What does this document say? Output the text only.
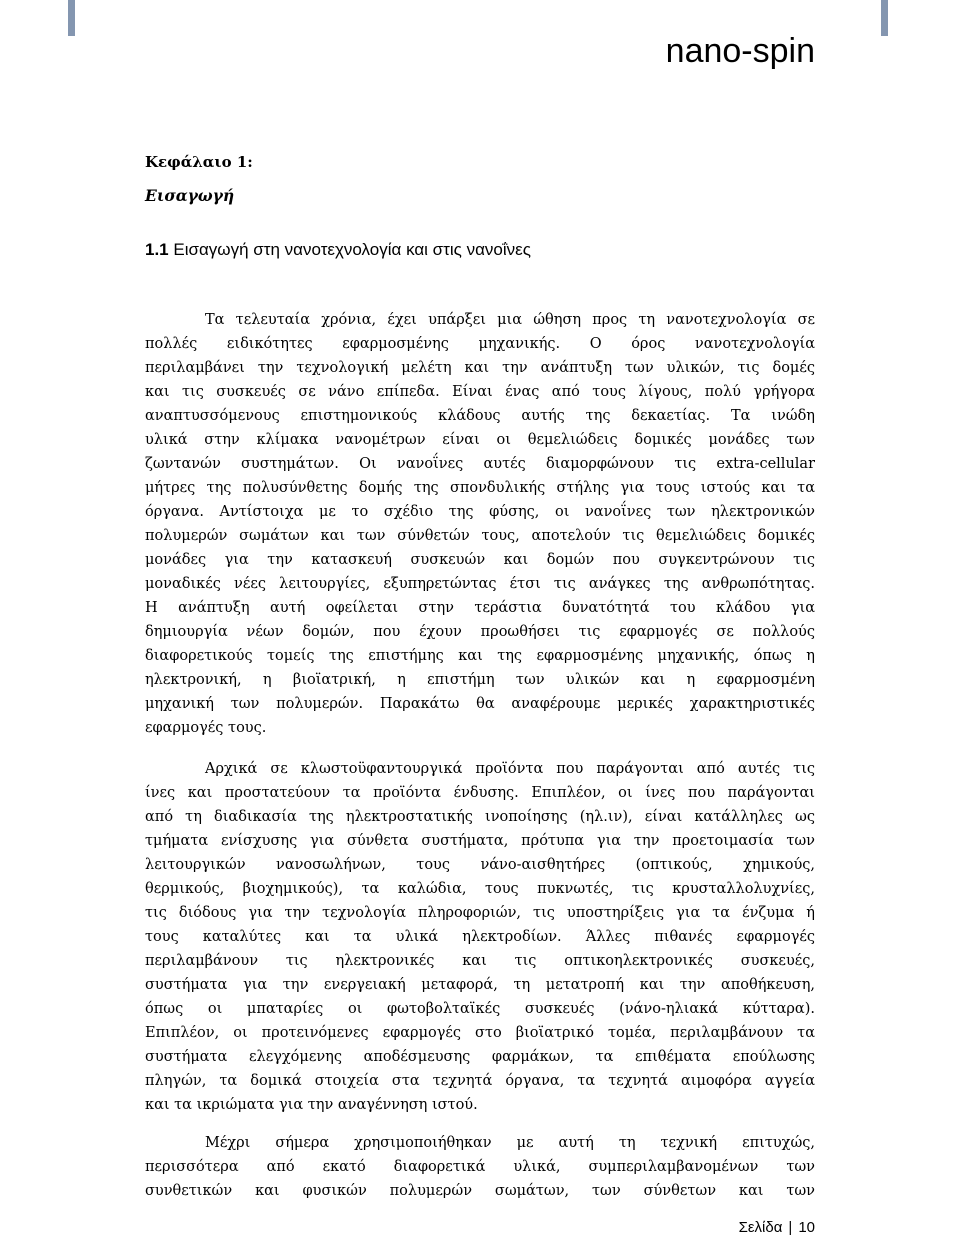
nano-spin
Κεφάλαιο 1:
Εισαγωγή
1.1 Εισαγωγή στη νανοτεχνολογία και στις νανοΐνες
Τα τελευταία χρόνια, έχει υπάρξει μια ώθηση προς τη νανοτεχνολογία σε
πολλές ειδικότητες εφαρμοσμένης μηχανικής. Ο όρος νανοτεχνολογία
περιλαμβάνει την τεχνολογική μελέτη και την ανάπτυξη των υλικών, τις δομές
και τις συσκευές σε νάνο επίπεδα. Είναι ένας από τους λίγους, πολύ γρήγορα
αναπτυσσόμενους επιστημονικούς κλάδους αυτής της δεκαετίας. Τα ινώδη
υλικά στην κλίμακα νανομέτρων είναι οι θεμελιώδεις δομικές μονάδες των
ζωντανών συστημάτων. Οι νανοΐνες αυτές διαμορφώνουν τις extra-cellular
μήτρες της πολυσύνθετης δομής της σπονδυλικής στήλης για τους ιστούς και τα
όργανα. Αντίστοιχα με το σχέδιο της φύσης, οι νανοΐνες των ηλεκτρονικών
πολυμερών σωμάτων και των σύνθετών τους, αποτελούν τις θεμελιώδεις δομικές
μονάδες για την κατασκευή συσκευών και δομών που συγκεντρώνουν τις
μοναδικές νέες λειτουργίες, εξυπηρετώντας έτσι τις ανάγκες της ανθρωπότητας.
Η ανάπτυξη αυτή οφείλεται στην τεράστια δυνατότητά του κλάδου για
δημιουργία νέων δομών, που έχουν προωθήσει τις εφαρμογές σε πολλούς
διαφορετικούς τομείς της επιστήμης και της εφαρμοσμένης μηχανικής, όπως η
ηλεκτρονική, η βιοϊατρική, η επιστήμη των υλικών και η εφαρμοσμένη
μηχανική των πολυμερών. Παρακάτω θα αναφέρουμε μερικές χαρακτηριστικές
εφαρμογές τους.
Αρχικά σε κλωστοϋφαντουργικά προϊόντα που παράγονται από αυτές τις
ίνες και προστατεύουν τα προϊόντα ένδυσης. Επιπλέον, οι ίνες που παράγονται
από τη διαδικασία της ηλεκτροστατικής ινοποίησης (ηλ.ιν), είναι κατάλληλες ως
τμήματα ενίσχυσης για σύνθετα συστήματα, πρότυπα για την προετοιμασία των
λειτουργικών νανοσωλήνων, τους νάνο-αισθητήρες (οπτικούς, χημικούς,
θερμικούς, βιοχημικούς), τα καλώδια, τους πυκνωτές, τις κρυσταλλολυχνίες,
τις διόδους για την τεχνολογία πληροφοριών, τις υποστηρίξεις για τα ένζυμα ή
τους καταλύτες και τα υλικά ηλεκτροδίων. Άλλες πιθανές εφαρμογές
περιλαμβάνουν τις ηλεκτρονικές και τις οπτικοηλεκτρονικές συσκευές,
συστήματα για την ενεργειακή μεταφορά, τη μετατροπή και την αποθήκευση,
όπως οι μπαταρίες οι φωτοβολταϊκές συσκευές (νάνο-ηλιακά κύτταρα).
Επιπλέον, οι προτεινόμενες εφαρμογές στο βιοϊατρικό τομέα, περιλαμβάνουν τα
συστήματα ελεγχόμενης αποδέσμευσης φαρμάκων, τα επιθέματα επούλωσης
πληγών, τα δομικά στοιχεία στα τεχνητά όργανα, τα τεχνητά αιμοφόρα αγγεία
και τα ικριώματα για την αναγέννηση ιστού.
Μέχρι σήμερα χρησιμοποιήθηκαν με αυτή τη τεχνική επιτυχώς,
περισσότερα από εκατό διαφορετικά υλικά, συμπεριλαμβανομένων των
συνθετικών και φυσικών πολυμερών σωμάτων, των σύνθετων και των
Σελίδα | 10
